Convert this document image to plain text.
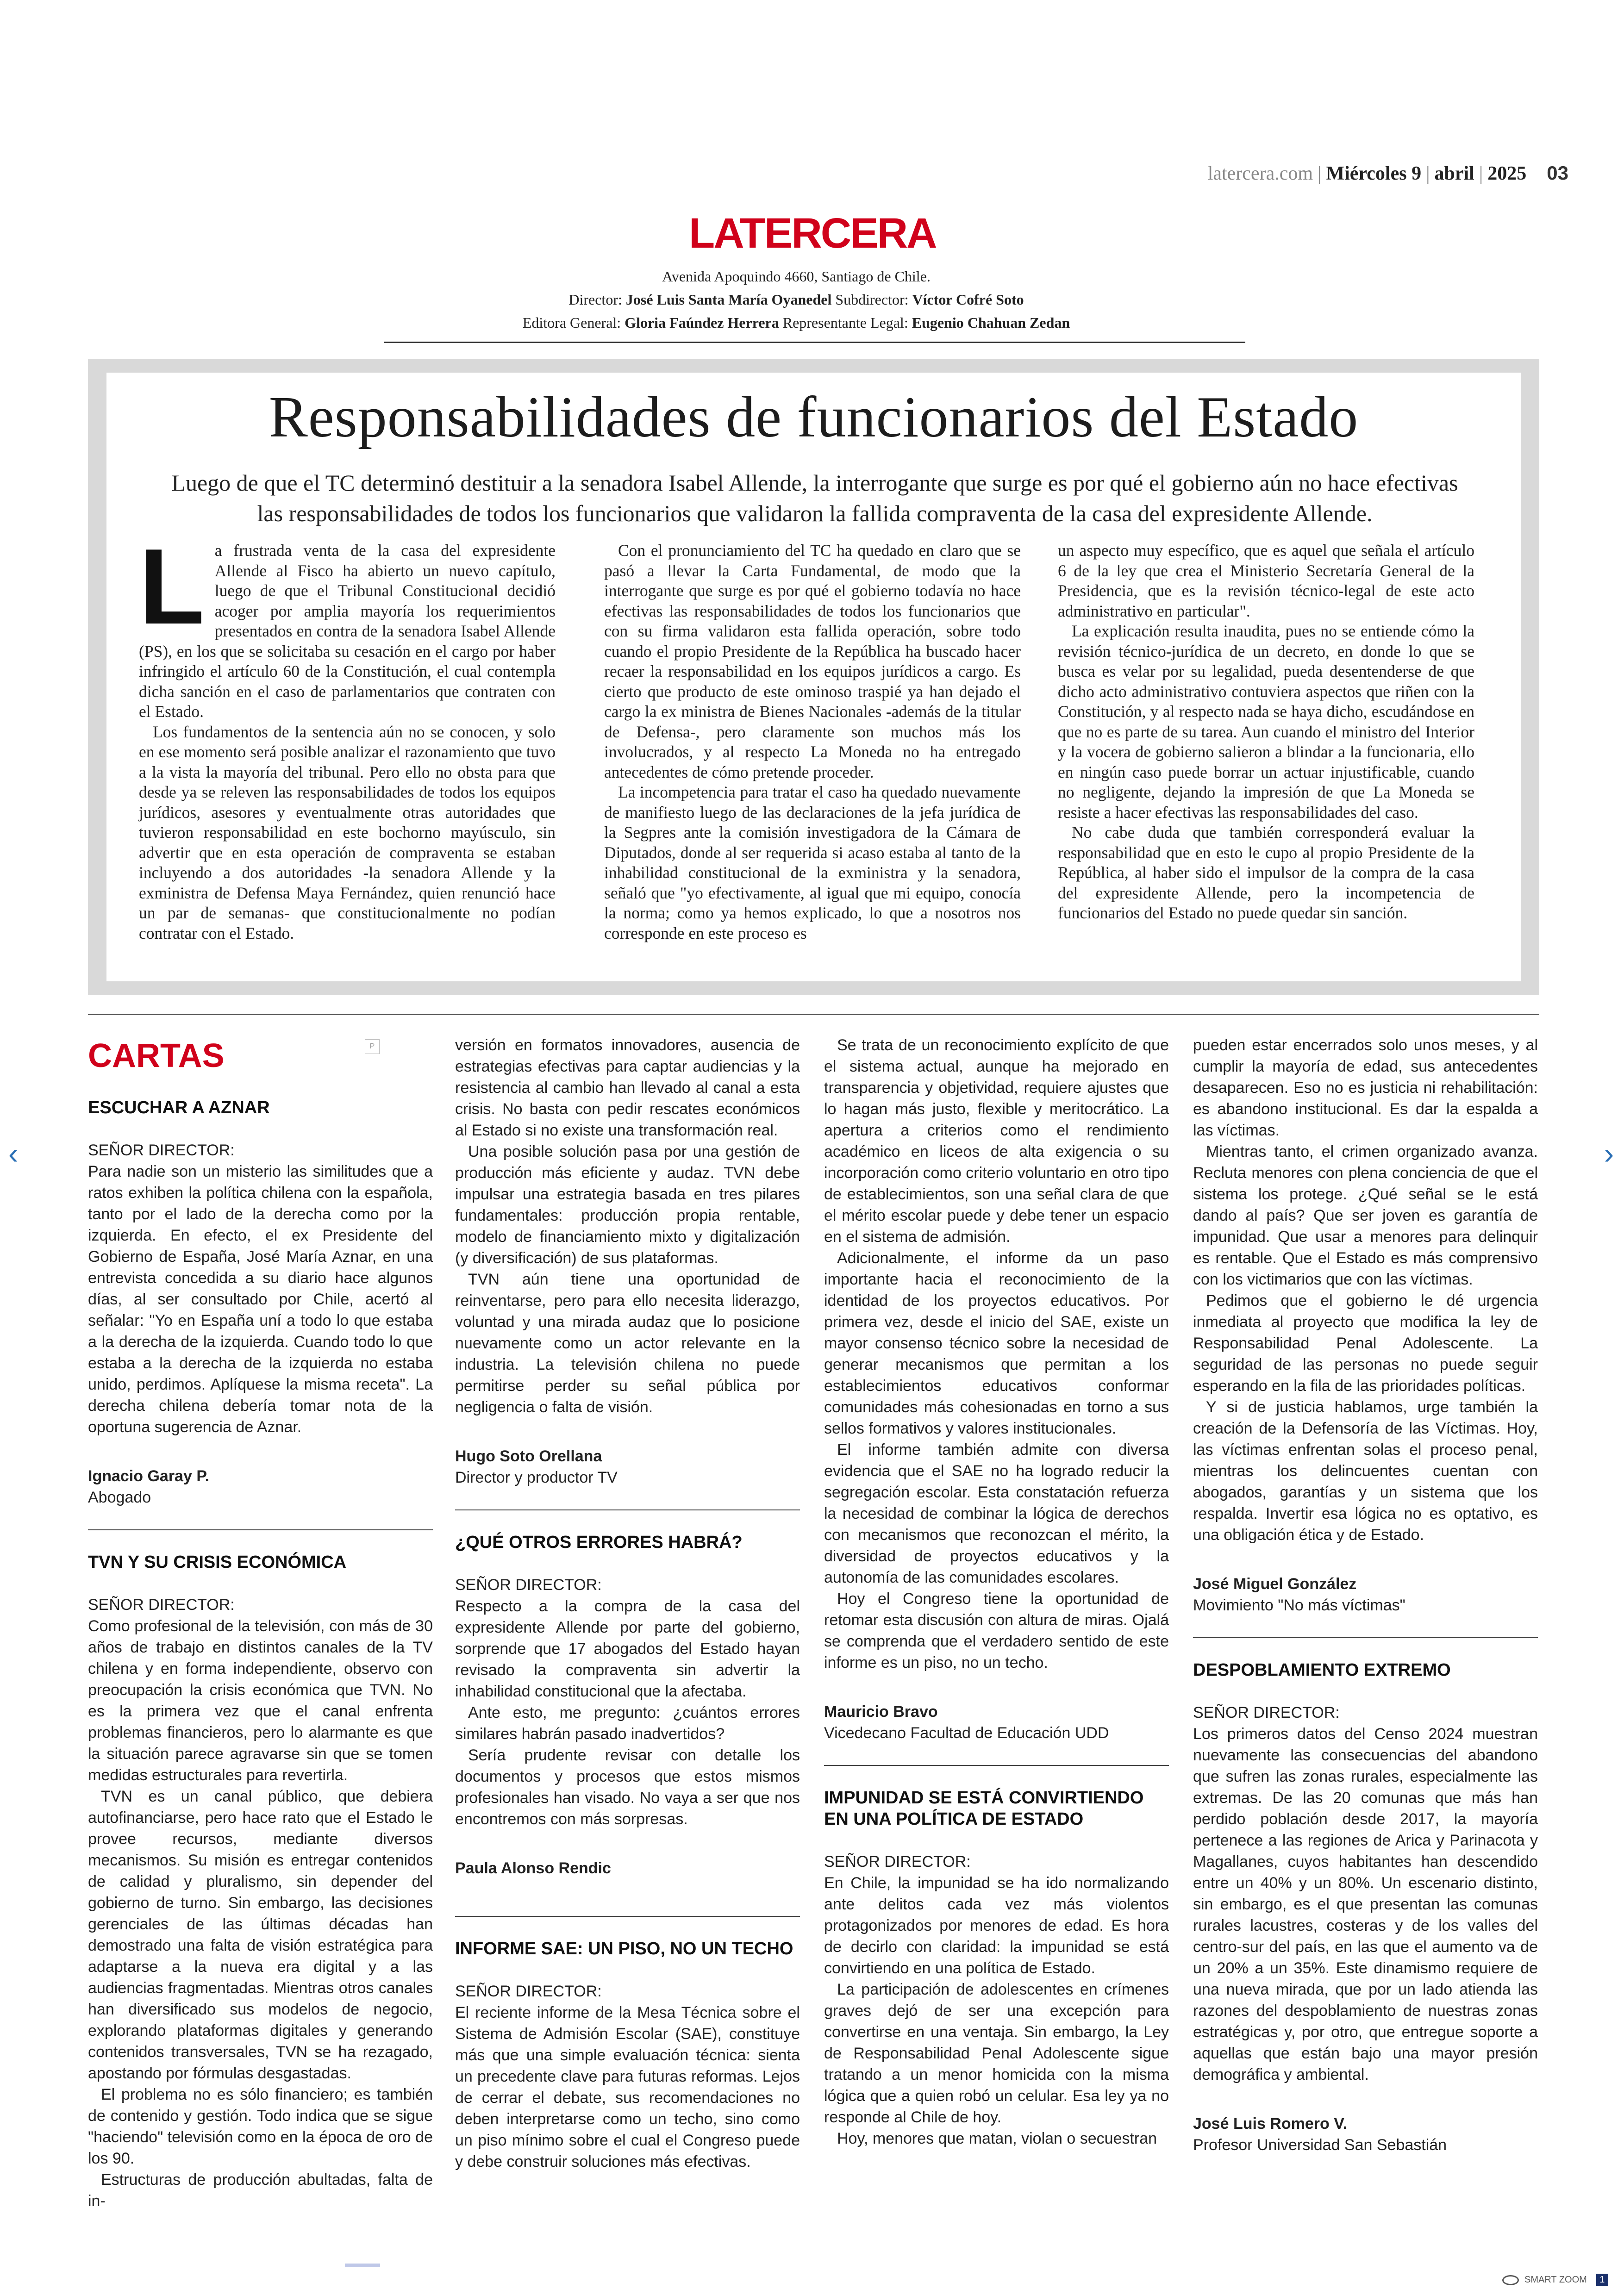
latercera.com | Miércoles 9 | abril | 2025 03
LATERCERA
Avenida Apoquindo 4660, Santiago de Chile.
Director: José Luis Santa María Oyanedel Subdirector: Víctor Cofré Soto
Editora General: Gloria Faúndez Herrera Representante Legal: Eugenio Chahuan Zedan
Responsabilidades de funcionarios del Estado
Luego de que el TC determinó destituir a la senadora Isabel Allende, la interrogante que surge es por qué el gobierno aún no hace efectivas las responsabilidades de todos los funcionarios que validaron la fallida compraventa de la casa del expresidente Allende.

La frustrada venta de la casa del expresidente Allende al Fisco ha abierto un nuevo capítulo, luego de que el Tribunal Constitucional decidió acoger por amplia mayoría los requerimientos presentados en contra de la senadora Isabel Allende (PS), en los que se solicitaba su cesación en el cargo por haber infringido el artículo 60 de la Constitución, el cual contempla dicha sanción en el caso de parlamentarios que contraten con el Estado.

Los fundamentos de la sentencia aún no se conocen, y solo en ese momento será posible analizar el razonamiento que tuvo a la vista la mayoría del tribunal. Pero ello no obsta para que desde ya se releven las responsabilidades de todos los equipos jurídicos, asesores y eventualmente otras autoridades que tuvieron responsabilidad en este bochorno mayúsculo, sin advertir que en esta operación de compraventa se estaban incluyendo a dos autoridades -la senadora Allende y la exministra de Defensa Maya Fernández, quien renunció hace un par de semanas- que constitucionalmente no podían contratar con el Estado.

Con el pronunciamiento del TC ha quedado en claro que se pasó a llevar la Carta Fundamental, de modo que la interrogante que surge es por qué el gobierno todavía no hace efectivas las responsabilidades de todos los funcionarios que con su firma validaron esta fallida operación, sobre todo cuando el propio Presidente de la República ha buscado hacer recaer la responsabilidad en los equipos jurídicos a cargo. Es cierto que producto de este ominoso traspié ya han dejado el cargo la ex ministra de Bienes Nacionales -además de la titular de Defensa-, pero claramente son muchos más los involucrados, y al respecto La Moneda no ha entregado antecedentes de cómo pretende proceder.

La incompetencia para tratar el caso ha quedado nuevamente de manifiesto luego de las declaraciones de la jefa jurídica de la Segpres ante la comisión investigadora de la Cámara de Diputados, donde al ser requerida si acaso estaba al tanto de la inhabilidad constitucional de la exministra y la senadora, señaló que "yo efectivamente, al igual que mi equipo, conocía la norma; como ya hemos explicado, lo que a nosotros nos corresponde en este proceso es

un aspecto muy específico, que es aquel que señala el artículo 6 de la ley que crea el Ministerio Secretaría General de la Presidencia, que es la revisión técnico-legal de este acto administrativo en particular".

La explicación resulta inaudita, pues no se entiende cómo la revisión técnico-jurídica de un decreto, en donde lo que se busca es velar por su legalidad, pueda desentenderse de que dicho acto administrativo contuviera aspectos que riñen con la Constitución, y al respecto nada se haya dicho, escudándose en que no es parte de su tarea. Aun cuando el ministro del Interior y la vocera de gobierno salieron a blindar a la funcionaria, ello en ningún caso puede borrar un actuar injustificable, cuando no negligente, dejando la impresión de que La Moneda se resiste a hacer efectivas las responsabilidades del caso.

No cabe duda que también corresponderá evaluar la responsabilidad que en esto le cupo al propio Presidente de la República, al haber sido el impulsor de la compra de la casa del expresidente Allende, pero la incompetencia de funcionarios del Estado no puede quedar sin sanción.

CARTAS	P

ESCUCHAR A AZNAR

SEÑOR DIRECTOR:

Para nadie son un misterio las similitudes que a ratos exhiben la política chilena con la española, tanto por el lado de la derecha como por la izquierda. En efecto, el ex Presidente del Gobierno de España, José María Aznar, en una entrevista concedida a su diario hace algunos días, al ser consultado por Chile, acertó al señalar: "Yo en España uní a todo lo que estaba a la derecha de la izquierda. Cuando todo lo que estaba a la derecha de la izquierda no estaba unido, perdimos. Aplíquese la misma receta". La derecha chilena debería tomar nota de la oportuna sugerencia de Aznar.

Ignacio Garay P.

Abogado

TVN Y SU CRISIS ECONÓMICA

SEÑOR DIRECTOR:

Como profesional de la televisión, con más de 30 años de trabajo en distintos canales de la TV chilena y en forma independiente, observo con preocupación la crisis económica que TVN. No es la primera vez que el canal enfrenta problemas financieros, pero lo alarmante es que la situación parece agravarse sin que se tomen medidas estructurales para revertirla.

TVN es un canal público, que debiera autofinanciarse, pero hace rato que el Estado le provee recursos, mediante diversos mecanismos. Su misión es entregar contenidos de calidad y pluralismo, sin depender del gobierno de turno. Sin embargo, las decisiones gerenciales de las últimas décadas han demostrado una falta de visión estratégica para adaptarse a la nueva era digital y a las audiencias fragmentadas. Mientras otros canales han diversificado sus modelos de negocio, explorando plataformas digitales y generando contenidos transversales, TVN se ha rezagado, apostando por fórmulas desgastadas.

El problema no es sólo financiero; es también de contenido y gestión. Todo indica que se sigue "haciendo" televisión como en la época de oro de los 90.

Estructuras de producción abultadas, falta de in-

versión en formatos innovadores, ausencia de estrategias efectivas para captar audiencias y la resistencia al cambio han llevado al canal a esta crisis. No basta con pedir rescates económicos al Estado si no existe una transformación real.

Una posible solución pasa por una gestión de producción más eficiente y audaz. TVN debe impulsar una estrategia basada en tres pilares fundamentales: producción propia rentable, modelo de financiamiento mixto y digitalización (y diversificación) de sus plataformas.

TVN aún tiene una oportunidad de reinventarse, pero para ello necesita liderazgo, voluntad y una mirada audaz que lo posicione nuevamente como un actor relevante en la industria. La televisión chilena no puede permitirse perder su señal pública por negligencia o falta de visión.

Hugo Soto Orellana

Director y productor TV

¿QUÉ OTROS ERRORES HABRÁ?

SEÑOR DIRECTOR:

Respecto a la compra de la casa del expresidente Allende por parte del gobierno, sorprende que 17 abogados del Estado hayan revisado la compraventa sin advertir la inhabilidad constitucional que la afectaba.

Ante esto, me pregunto: ¿cuántos errores similares habrán pasado inadvertidos?

Sería prudente revisar con detalle los documentos y procesos que estos mismos profesionales han visado. No vaya a ser que nos encontremos con más sorpresas.

Paula Alonso Rendic

INFORME SAE: UN PISO, NO UN TECHO

SEÑOR DIRECTOR:

El reciente informe de la Mesa Técnica sobre el Sistema de Admisión Escolar (SAE), constituye más que una simple evaluación técnica: sienta un precedente clave para futuras reformas. Lejos de cerrar el debate, sus recomendaciones no deben interpretarse como un techo, sino como un piso mínimo sobre el cual el Congreso puede y debe construir soluciones más efectivas.

Se trata de un reconocimiento explícito de que el sistema actual, aunque ha mejorado en transparencia y objetividad, requiere ajustes que lo hagan más justo, flexible y meritocrático. La apertura a criterios como el rendimiento académico en liceos de alta exigencia o su incorporación como criterio voluntario en otro tipo de establecimientos, son una señal clara de que el mérito escolar puede y debe tener un espacio en el sistema de admisión.

Adicionalmente, el informe da un paso importante hacia el reconocimiento de la identidad de los proyectos educativos. Por primera vez, desde el inicio del SAE, existe un mayor consenso técnico sobre la necesidad de generar mecanismos que permitan a los establecimientos educativos conformar comunidades más cohesionadas en torno a sus sellos formativos y valores institucionales.

El informe también admite con diversa evidencia que el SAE no ha logrado reducir la segregación escolar. Esta constatación refuerza la necesidad de combinar la lógica de derechos con mecanismos que reconozcan el mérito, la diversidad de proyectos educativos y la autonomía de las comunidades escolares.

Hoy el Congreso tiene la oportunidad de retomar esta discusión con altura de miras. Ojalá se comprenda que el verdadero sentido de este informe es un piso, no un techo.

Mauricio Bravo

Vicedecano Facultad de Educación UDD

IMPUNIDAD SE ESTÁ CONVIRTIENDO EN UNA POLÍTICA DE ESTADO

SEÑOR DIRECTOR:

En Chile, la impunidad se ha ido normalizando ante delitos cada vez más violentos protagonizados por menores de edad. Es hora de decirlo con claridad: la impunidad se está convirtiendo en una política de Estado.

La participación de adolescentes en crímenes graves dejó de ser una excepción para convertirse en una ventaja. Sin embargo, la Ley de Responsabilidad Penal Adolescente sigue tratando a un menor homicida con la misma lógica que a quien robó un celular. Esa ley ya no responde al Chile de hoy.

Hoy, menores que matan, violan o secuestran

pueden estar encerrados solo unos meses, y al cumplir la mayoría de edad, sus antecedentes desaparecen. Eso no es justicia ni rehabilitación: es abandono institucional. Es dar la espalda a las víctimas.

Mientras tanto, el crimen organizado avanza. Recluta menores con plena conciencia de que el sistema los protege. ¿Qué señal se le está dando al país? Que ser joven es garantía de impunidad. Que usar a menores para delinquir es rentable. Que el Estado es más comprensivo con los victimarios que con las víctimas.

Pedimos que el gobierno le dé urgencia inmediata al proyecto que modifica la ley de Responsabilidad Penal Adolescente. La seguridad de las personas no puede seguir esperando en la fila de las prioridades políticas.

Y si de justicia hablamos, urge también la creación de la Defensoría de las Víctimas. Hoy, las víctimas enfrentan solas el proceso penal, mientras los delincuentes cuentan con abogados, garantías y un sistema que los respalda. Invertir esa lógica no es optativo, es una obligación ética y de Estado.

José Miguel González

Movimiento "No más víctimas"

DESPOBLAMIENTO EXTREMO

SEÑOR DIRECTOR:

Los primeros datos del Censo 2024 muestran nuevamente las consecuencias del abandono que sufren las zonas rurales, especialmente las extremas. De las 20 comunas que más han perdido población desde 2017, la mayoría pertenece a las regiones de Arica y Parinacota y Magallanes, cuyos habitantes han descendido entre un 40% y un 80%. Un escenario distinto, sin embargo, es el que presentan las comunas rurales lacustres, costeras y de los valles del centro-sur del país, en las que el aumento va de un 20% a un 35%. Este dinamismo requiere de una nueva mirada, que por un lado atienda las razones del despoblamiento de nuestras zonas estratégicas y, por otro, que entregue soporte a aquellas que están bajo una mayor presión demográfica y ambiental.

José Luis Romero V.

Profesor Universidad San Sebastián

‹	›
SMART ZOOM 1
